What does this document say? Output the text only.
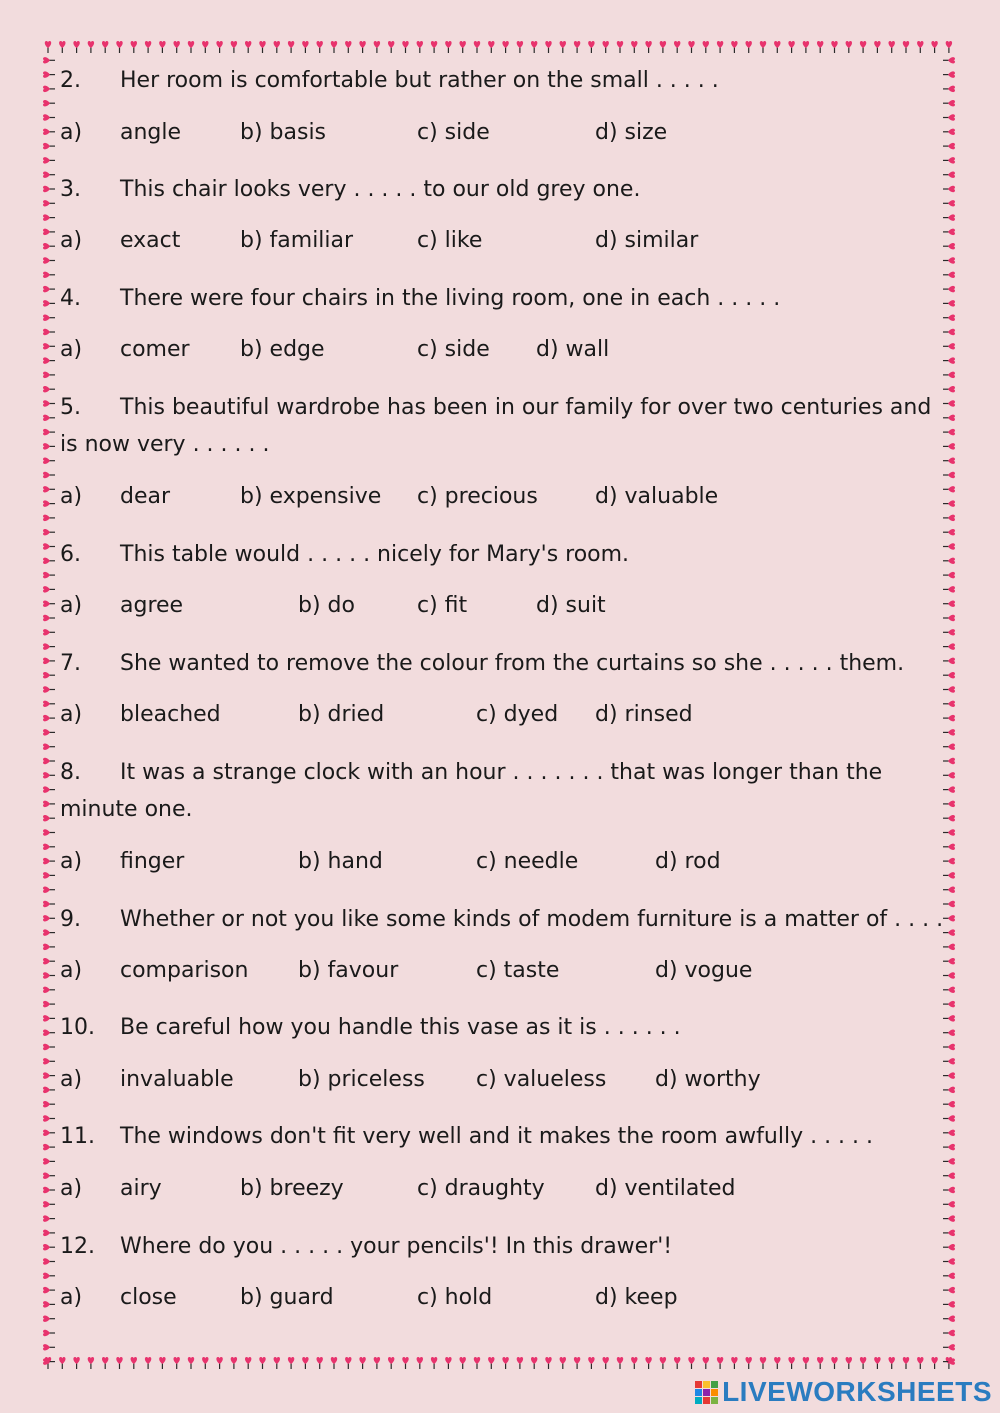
2. Her room is comfortable but rather on the small . . . . .
a) angle	b) basis	c) side	d) size
3. This chair looks very . . . . . to our old grey one.
a) exact	b) familiar	c) like	d) similar
4. There were four chairs in the living room, one in each . . . . .
a) comer b) edge	c) side d) wall
5. This beautiful wardrobe has been in our family for over two centuries and
is now very . . . . . .
a) dear	b) expensive c) precious	d) valuable
6. This table would . . . . . nicely for Mary's room.
a) agree	b) do	c) fit	d) suit
7. She wanted to remove the colour from the curtains so she . . . . . them.
a) bleached	b) dried	c) dyed d) rinsed
8. It was a strange clock with an hour . . . . . . . that was longer than the
minute one.
a) finger	b) hand	c) needle	d) rod
9. Whether or not you like some kinds of modem furniture is a matter of . . . .
a) comparison b) favour	c) taste	d) vogue
10. Be careful how you handle this vase as it is . . . . . .
a) invaluable	b) priceless c) valueless d) worthy
11. The windows don't fit very well and it makes the room awfully . . . . .
a) airy	b) breezy	c) draughty d) ventilated
12. Where do you . . . . . your pencils'! In this drawer'!
a) close	b) guard	c) hold	d) keep
LIVEWORKSHEETS
